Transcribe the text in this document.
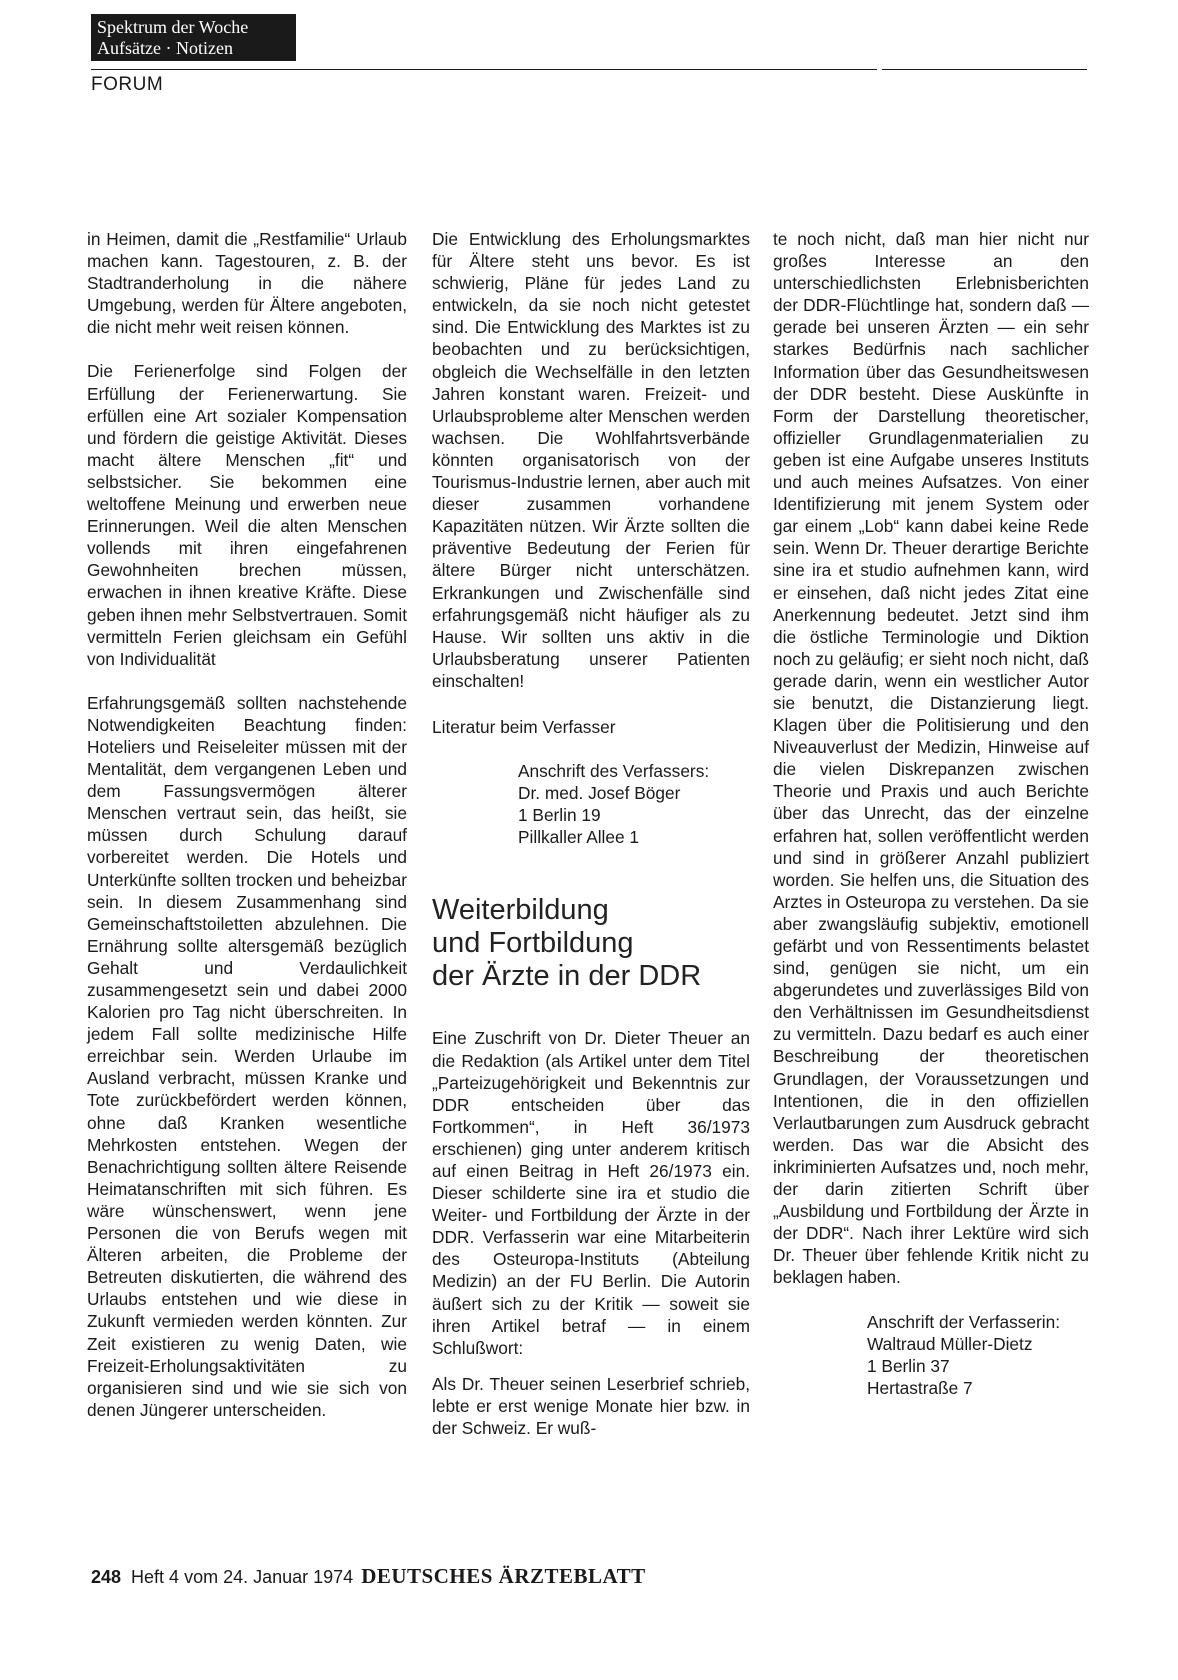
Spektrum der Woche
Aufsätze · Notizen
FORUM

in Heimen, damit die „Restfamilie“ Urlaub machen kann. Tagestouren, z. B. der Stadtranderholung in die nähere Umgebung, werden für Ältere angeboten, die nicht mehr weit reisen können.

Die Ferienerfolge sind Folgen der Erfüllung der Ferienerwartung. Sie erfüllen eine Art sozialer Kompensation und fördern die geistige Aktivität. Dieses macht ältere Menschen „fit“ und selbstsicher. Sie bekommen eine weltoffene Meinung und erwerben neue Erinnerungen. Weil die alten Menschen vollends mit ihren eingefahrenen Gewohnheiten brechen müssen, erwachen in ihnen kreative Kräfte. Diese geben ihnen mehr Selbstvertrauen. Somit vermitteln Ferien gleichsam ein Gefühl von Individualität

Erfahrungsgemäß sollten nachstehende Notwendigkeiten Beachtung finden: Hoteliers und Reiseleiter müssen mit der Mentalität, dem vergangenen Leben und dem Fassungsvermögen älterer Menschen vertraut sein, das heißt, sie müssen durch Schulung darauf vorbereitet werden. Die Hotels und Unterkünfte sollten trocken und beheizbar sein. In diesem Zusammenhang sind Gemeinschaftstoiletten abzulehnen. Die Ernährung sollte altersgemäß bezüglich Gehalt und Verdaulichkeit zusammengesetzt sein und dabei 2000 Kalorien pro Tag nicht überschreiten. In jedem Fall sollte medizinische Hilfe erreichbar sein. Werden Urlaube im Ausland verbracht, müssen Kranke und Tote zurückbefördert werden können, ohne daß Kranken wesentliche Mehrkosten entstehen. Wegen der Benachrichtigung sollten ältere Reisende Heimatanschriften mit sich führen. Es wäre wünschenswert, wenn jene Personen die von Berufs wegen mit Älteren arbeiten, die Probleme der Betreuten diskutierten, die während des Urlaubs entstehen und wie diese in Zukunft vermieden werden könnten. Zur Zeit existieren zu wenig Daten, wie Freizeit-Erholungsaktivitäten zu organisieren sind und wie sie sich von denen Jüngerer unterscheiden.

Die Entwicklung des Erholungsmarktes für Ältere steht uns bevor. Es ist schwierig, Pläne für jedes Land zu entwickeln, da sie noch nicht getestet sind. Die Entwicklung des Marktes ist zu beobachten und zu berücksichtigen, obgleich die Wechselfälle in den letzten Jahren konstant waren. Freizeit- und Urlaubsprobleme alter Menschen werden wachsen. Die Wohlfahrtsverbände könnten organisatorisch von der Tourismus-Industrie lernen, aber auch mit dieser zusammen vorhandene Kapazitäten nützen. Wir Ärzte sollten die präventive Bedeutung der Ferien für ältere Bürger nicht unterschätzen. Erkrankungen und Zwischenfälle sind erfahrungsgemäß nicht häufiger als zu Hause. Wir sollten uns aktiv in die Urlaubsberatung unserer Patienten einschalten!

Literatur beim Verfasser

Anschrift des Verfassers:
Dr. med. Josef Böger
1 Berlin 19
Pillkaller Allee 1
Weiterbildung
und Fortbildung
der Ärzte in der DDR

Eine Zuschrift von Dr. Dieter Theuer an die Redaktion (als Artikel unter dem Titel „Parteizugehörigkeit und Bekenntnis zur DDR entscheiden über das Fortkommen“, in Heft 36/1973 erschienen) ging unter anderem kritisch auf einen Beitrag in Heft 26/1973 ein. Dieser schilderte sine ira et studio die Weiter- und Fortbildung der Ärzte in der DDR. Verfasserin war eine Mitarbeiterin des Osteuropa-Instituts (Abteilung Medizin) an der FU Berlin. Die Autorin äußert sich zu der Kritik — soweit sie ihren Artikel betraf — in einem Schlußwort:

Als Dr. Theuer seinen Leserbrief schrieb, lebte er erst wenige Monate hier bzw. in der Schweiz. Er wuß-

te noch nicht, daß man hier nicht nur großes Interesse an den unterschiedlichsten Erlebnisberichten der DDR-Flüchtlinge hat, sondern daß — gerade bei unseren Ärzten — ein sehr starkes Bedürfnis nach sachlicher Information über das Gesundheitswesen der DDR besteht. Diese Auskünfte in Form der Darstellung theoretischer, offizieller Grundlagenmaterialien zu geben ist eine Aufgabe unseres Instituts und auch meines Aufsatzes. Von einer Identifizierung mit jenem System oder gar einem „Lob“ kann dabei keine Rede sein. Wenn Dr. Theuer derartige Berichte sine ira et studio aufnehmen kann, wird er einsehen, daß nicht jedes Zitat eine Anerkennung bedeutet. Jetzt sind ihm die östliche Terminologie und Diktion noch zu geläufig; er sieht noch nicht, daß gerade darin, wenn ein westlicher Autor sie benutzt, die Distanzierung liegt. Klagen über die Politisierung und den Niveauverlust der Medizin, Hinweise auf die vielen Diskrepanzen zwischen Theorie und Praxis und auch Berichte über das Unrecht, das der einzelne erfahren hat, sollen veröffentlicht werden und sind in größerer Anzahl publiziert worden. Sie helfen uns, die Situation des Arztes in Osteuropa zu verstehen. Da sie aber zwangsläufig subjektiv, emotionell gefärbt und von Ressentiments belastet sind, genügen sie nicht, um ein abgerundetes und zuverlässiges Bild von den Verhältnissen im Gesundheitsdienst zu vermitteln. Dazu bedarf es auch einer Beschreibung der theoretischen Grundlagen, der Voraussetzungen und Intentionen, die in den offiziellen Verlautbarungen zum Ausdruck gebracht werden. Das war die Absicht des inkriminierten Aufsatzes und, noch mehr, der darin zitierten Schrift über „Ausbildung und Fortbildung der Ärzte in der DDR“. Nach ihrer Lektüre wird sich Dr. Theuer über fehlende Kritik nicht zu beklagen haben.

Anschrift der Verfasserin:
Waltraud Müller-Dietz
1 Berlin 37
Hertastraße 7
248 Heft 4 vom 24. Januar 1974 DEUTSCHES ÄRZTEBLATT
